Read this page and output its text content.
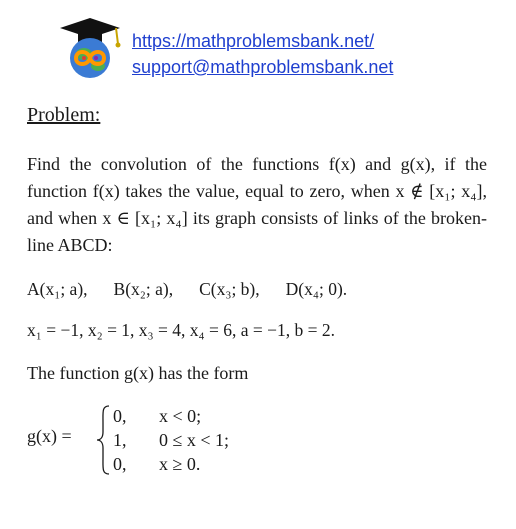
https://mathproblemsbank.net/
support@mathproblemsbank.net
Problem:

Find the convolution of the functions f(x) and g(x), if the function f(x) takes the value, equal to zero, when x ∉ [x₁; x₄], and when x ∈ [x₁; x₄] its graph consists of links of the broken-line ABCD:

A(x₁; a), B(x₂; a), C(x₃; b), D(x₄; 0).
x₁ = −1, x₂ = 1, x₃ = 4, x₄ = 6, a = −1, b = 2.
The function g(x) has the form
g(x) =
0,	x < 0;
1,	0 ≤ x < 1;
0,	x ≥ 0.
